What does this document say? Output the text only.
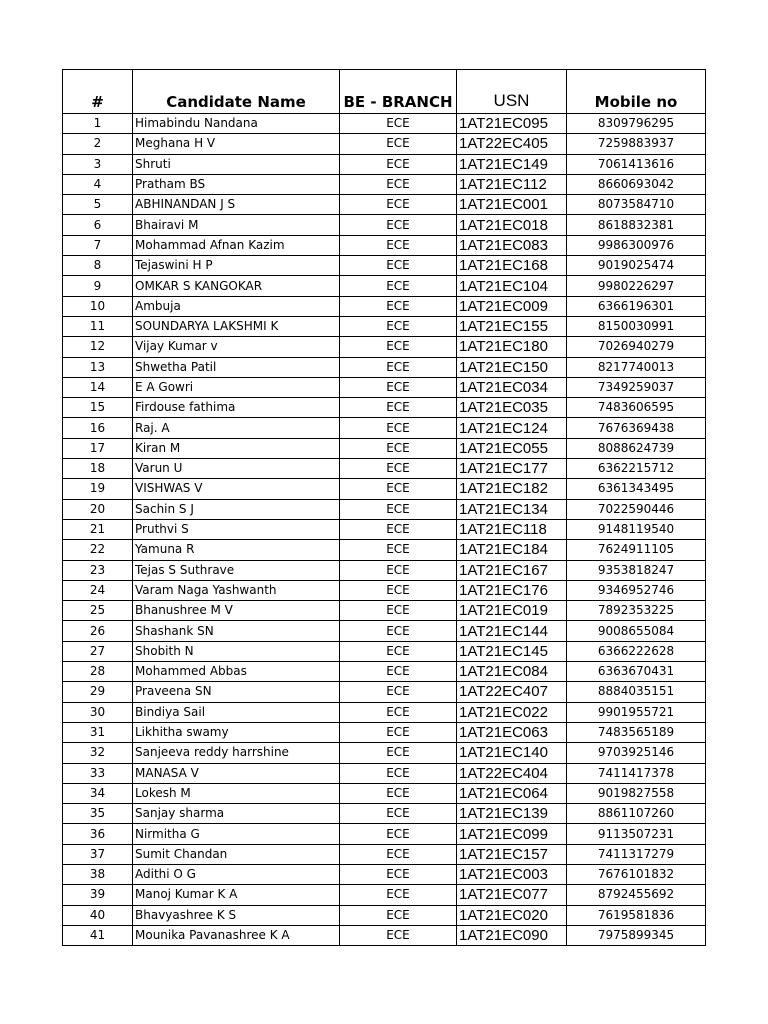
#	Candidate Name	BE - BRANCH	USN	Mobile no
1	Himabindu Nandana	ECE	1AT21EC095	8309796295
2	Meghana H V	ECE	1AT22EC405	7259883937
3	Shruti	ECE	1AT21EC149	7061413616
4	Pratham BS	ECE	1AT21EC112	8660693042
5	ABHINANDAN J S	ECE	1AT21EC001	8073584710
6	Bhairavi M	ECE	1AT21EC018	8618832381
7	Mohammad Afnan Kazim	ECE	1AT21EC083	9986300976
8	Tejaswini H P	ECE	1AT21EC168	9019025474
9	OMKAR S KANGOKAR	ECE	1AT21EC104	9980226297
10	Ambuja	ECE	1AT21EC009	6366196301
11	SOUNDARYA LAKSHMI K	ECE	1AT21EC155	8150030991
12	Vijay Kumar v	ECE	1AT21EC180	7026940279
13	Shwetha Patil	ECE	1AT21EC150	8217740013
14	E A Gowri	ECE	1AT21EC034	7349259037
15	Firdouse fathima	ECE	1AT21EC035	7483606595
16	Raj. A	ECE	1AT21EC124	7676369438
17	Kiran M	ECE	1AT21EC055	8088624739
18	Varun U	ECE	1AT21EC177	6362215712
19	VISHWAS V	ECE	1AT21EC182	6361343495
20	Sachin S J	ECE	1AT21EC134	7022590446
21	Pruthvi S	ECE	1AT21EC118	9148119540
22	Yamuna R	ECE	1AT21EC184	7624911105
23	Tejas S Suthrave	ECE	1AT21EC167	9353818247
24	Varam Naga Yashwanth	ECE	1AT21EC176	9346952746
25	Bhanushree M V	ECE	1AT21EC019	7892353225
26	Shashank SN	ECE	1AT21EC144	9008655084
27	Shobith N	ECE	1AT21EC145	6366222628
28	Mohammed Abbas	ECE	1AT21EC084	6363670431
29	Praveena SN	ECE	1AT22EC407	8884035151
30	Bindiya Sail	ECE	1AT21EC022	9901955721
31	Likhitha swamy	ECE	1AT21EC063	7483565189
32	Sanjeeva reddy harrshine	ECE	1AT21EC140	9703925146
33	MANASA V	ECE	1AT22EC404	7411417378
34	Lokesh M	ECE	1AT21EC064	9019827558
35	Sanjay sharma	ECE	1AT21EC139	8861107260
36	Nirmitha G	ECE	1AT21EC099	9113507231
37	Sumit Chandan	ECE	1AT21EC157	7411317279
38	Adithi O G	ECE	1AT21EC003	7676101832
39	Manoj Kumar K A	ECE	1AT21EC077	8792455692
40	Bhavyashree K S	ECE	1AT21EC020	7619581836
41	Mounika Pavanashree K A	ECE	1AT21EC090	7975899345
